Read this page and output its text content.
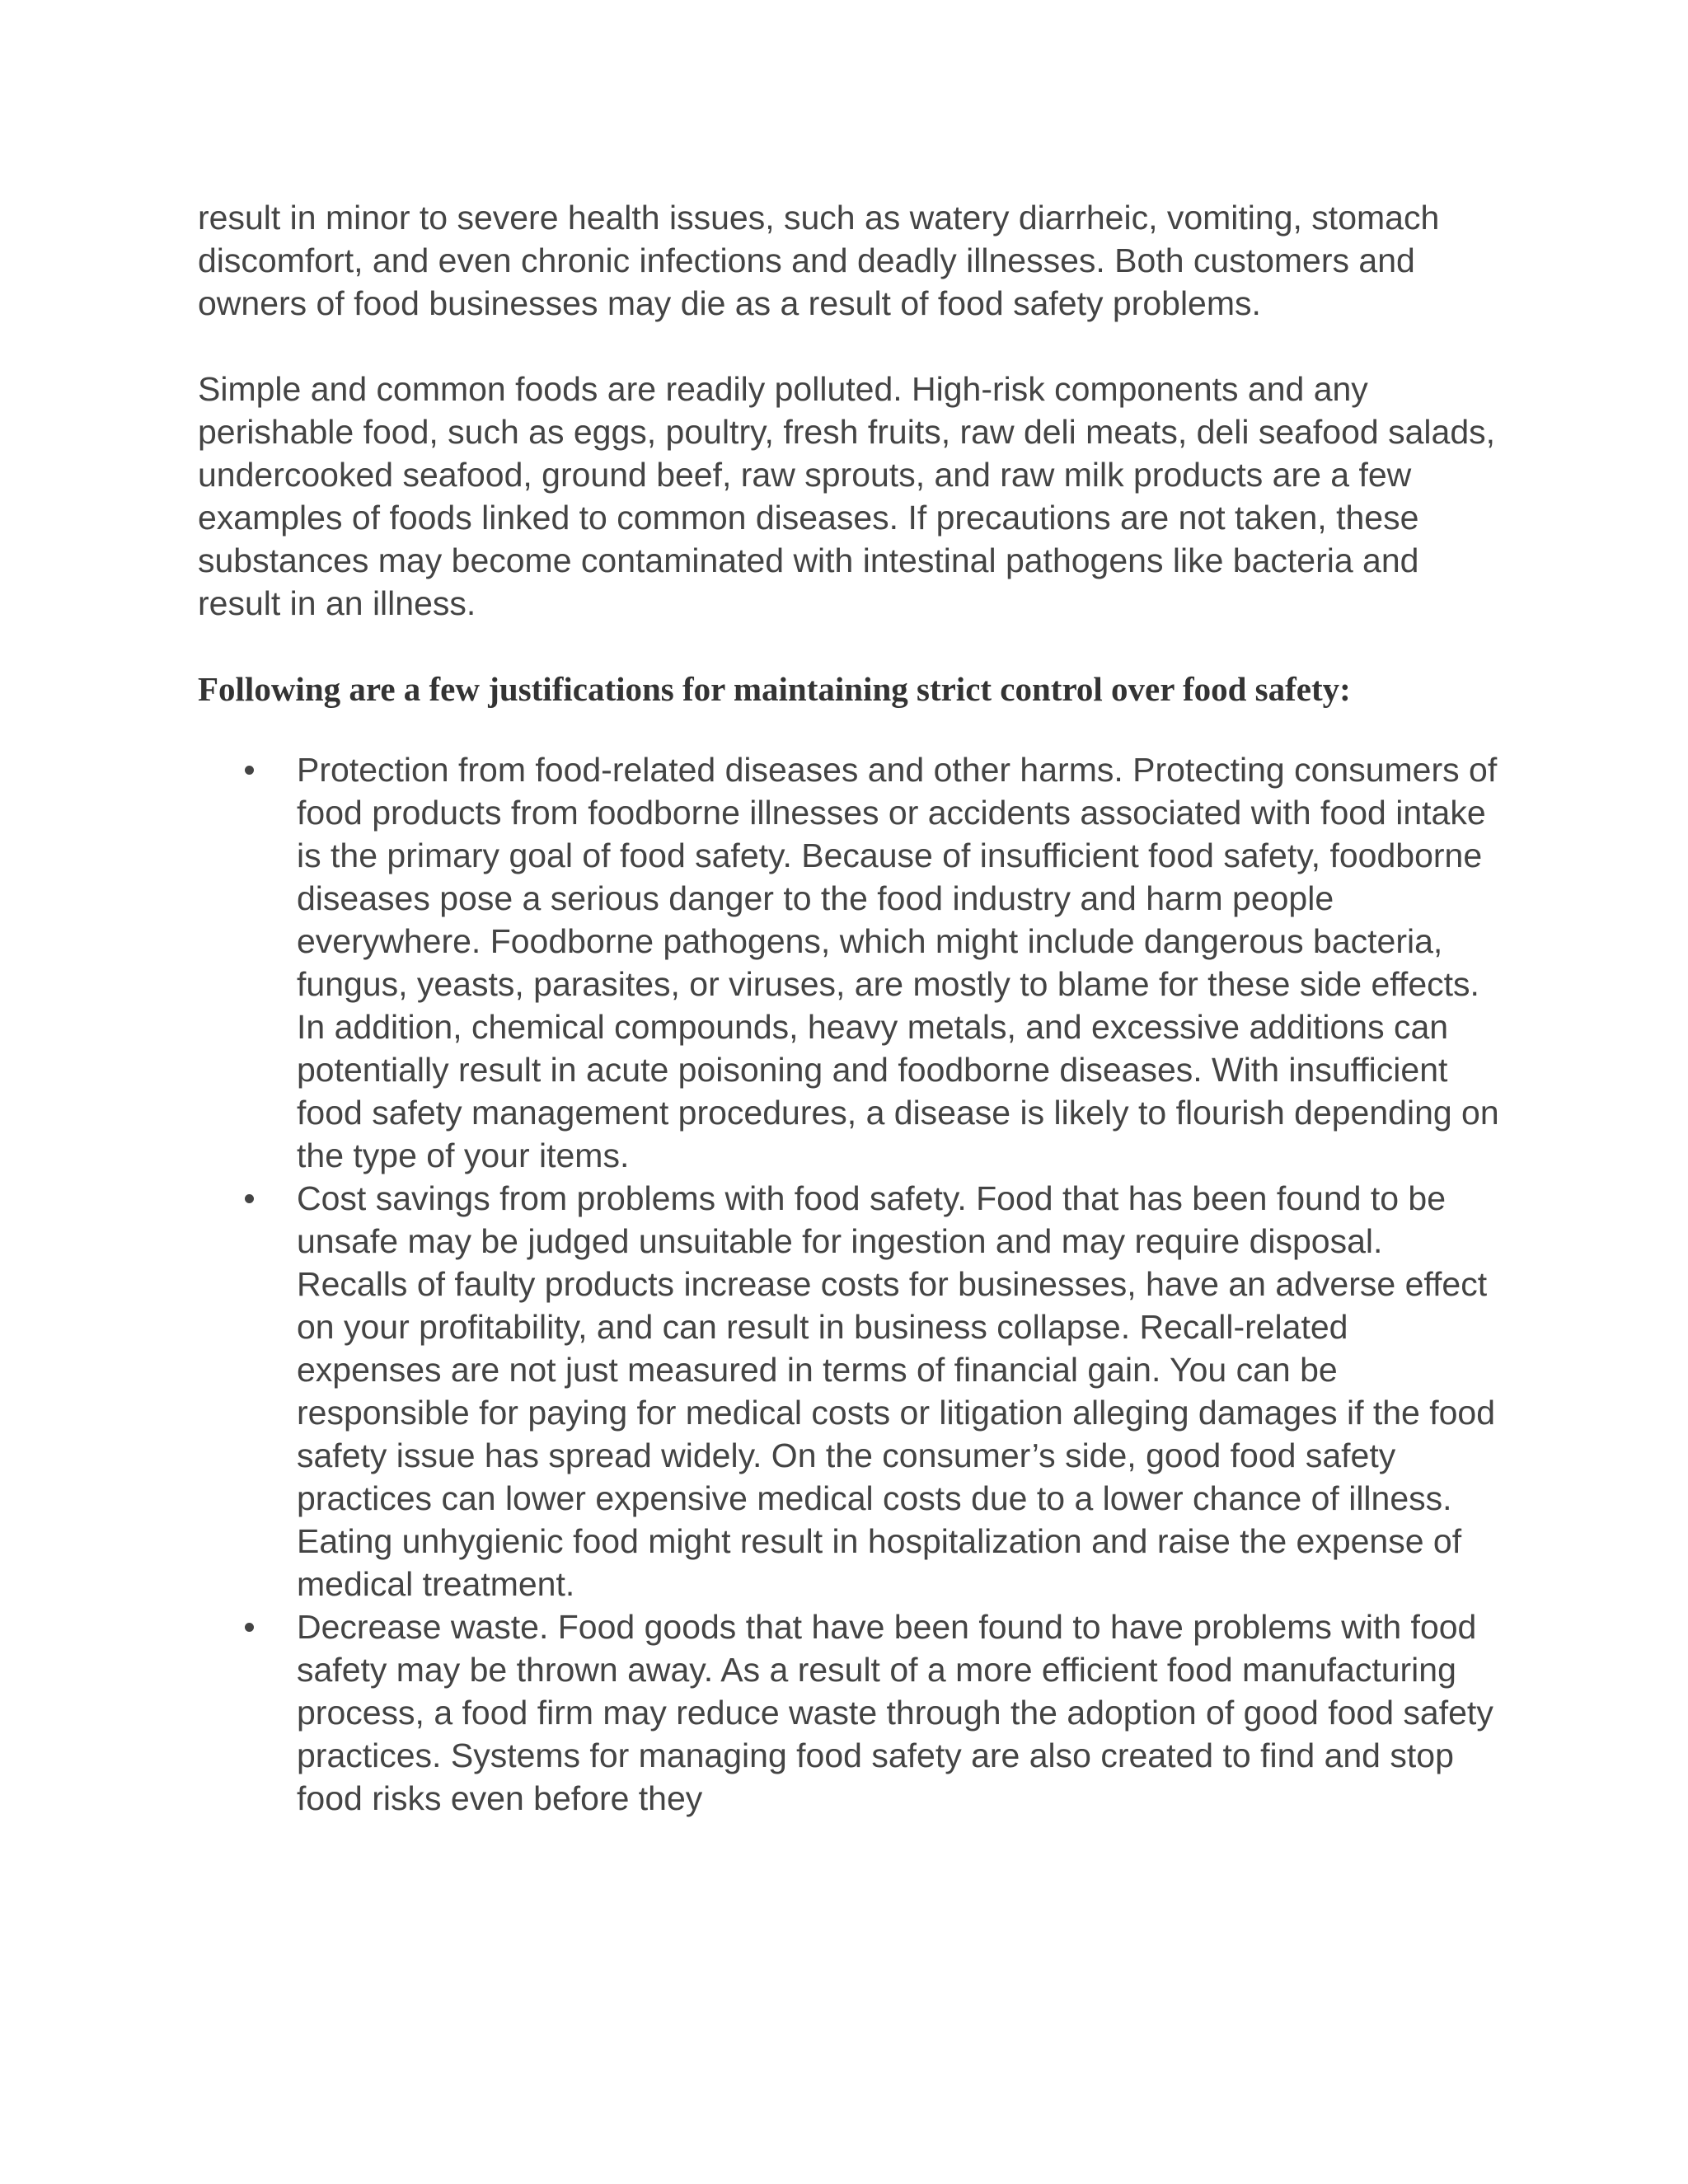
result in minor to severe health issues, such as watery diarrheic, vomiting, stomach discomfort, and even chronic infections and deadly illnesses. Both customers and owners of food businesses may die as a result of food safety problems.

Simple and common foods are readily polluted. High-risk components and any perishable food, such as eggs, poultry, fresh fruits, raw deli meats, deli seafood salads, undercooked seafood, ground beef, raw sprouts, and raw milk products are a few examples of foods linked to common diseases. If precautions are not taken, these substances may become contaminated with intestinal pathogens like bacteria and result in an illness.

Following are a few justifications for maintaining strict control over food safety:

Protection from food-related diseases and other harms. Protecting consumers of food products from foodborne illnesses or accidents associated with food intake is the primary goal of food safety. Because of insufficient food safety, foodborne diseases pose a serious danger to the food industry and harm people everywhere. Foodborne pathogens, which might include dangerous bacteria, fungus, yeasts, parasites, or viruses, are mostly to blame for these side effects. In addition, chemical compounds, heavy metals, and excessive additions can potentially result in acute poisoning and foodborne diseases. With insufficient food safety management procedures, a disease is likely to flourish depending on the type of your items.
Cost savings from problems with food safety. Food that has been found to be unsafe may be judged unsuitable for ingestion and may require disposal. Recalls of faulty products increase costs for businesses, have an adverse effect on your profitability, and can result in business collapse. Recall-related expenses are not just measured in terms of financial gain. You can be responsible for paying for medical costs or litigation alleging damages if the food safety issue has spread widely. On the consumer’s side, good food safety practices can lower expensive medical costs due to a lower chance of illness. Eating unhygienic food might result in hospitalization and raise the expense of medical treatment.
Decrease waste. Food goods that have been found to have problems with food safety may be thrown away. As a result of a more efficient food manufacturing process, a food firm may reduce waste through the adoption of good food safety practices. Systems for managing food safety are also created to find and stop food risks even before they
